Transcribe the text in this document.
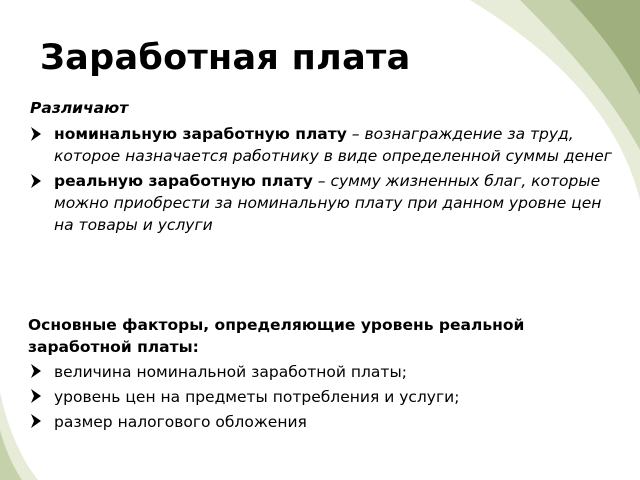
Заработная плата
Различают
номинальную заработную плату – вознаграждение за труд, которое назначается работнику в виде определенной суммы денег
реальную заработную плату – сумму жизненных благ, которые можно приобрести за номинальную плату при данном уровне цен на товары и услуги

Основные факторы, определяющие уровень реальной заработной платы:

величина номинальной заработной платы;
уровень цен на предметы потребления и услуги;
размер налогового обложения
